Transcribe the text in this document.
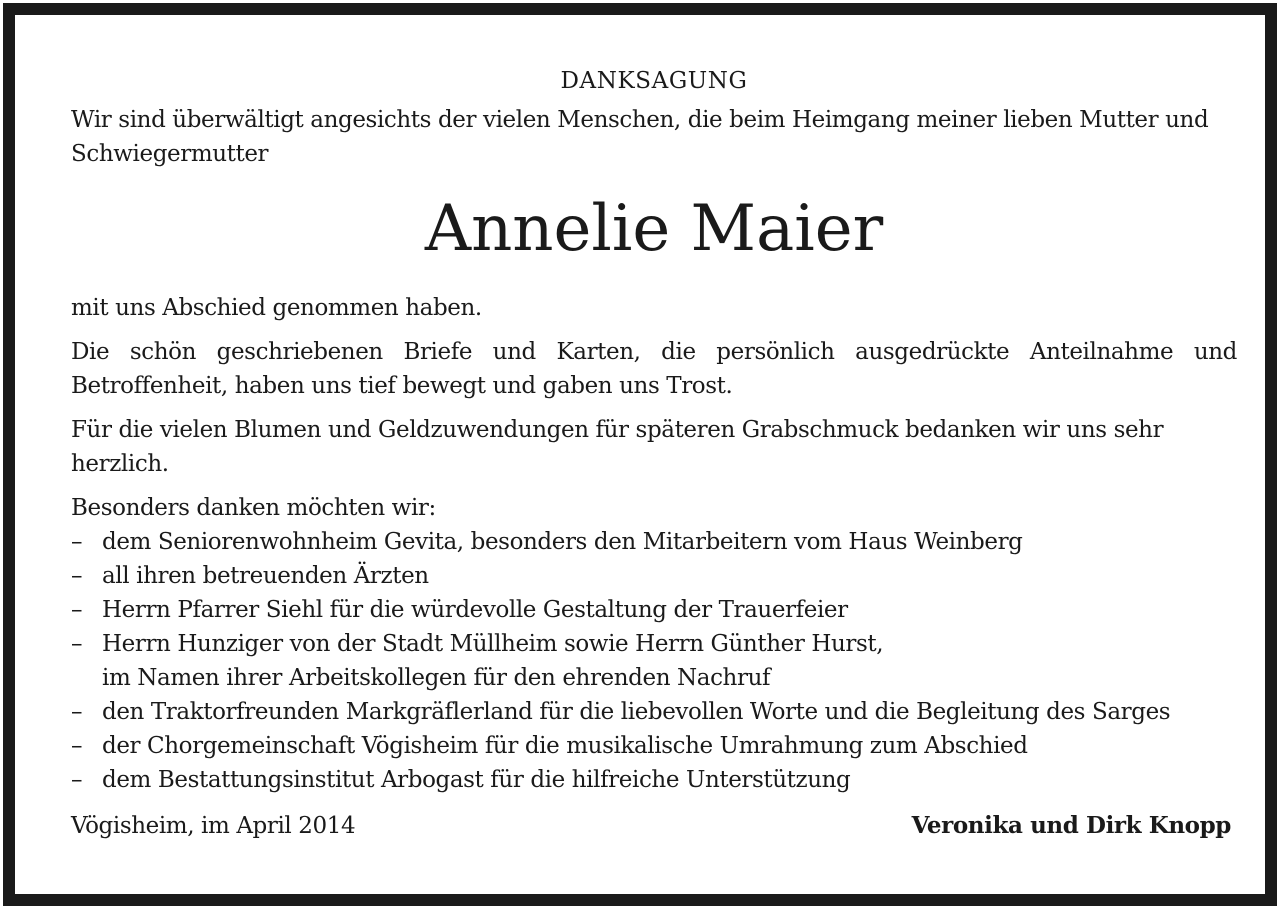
DANKSAGUNG

Wir sind überwältigt angesichts der vielen Menschen, die beim Heimgang meiner lieben Mutter und Schwiegermutter

Annelie Maier

mit uns Abschied genommen haben.

Die schön geschriebenen Briefe und Karten, die persönlich ausgedrückte Anteilnahme und Betroffenheit, haben uns tief bewegt und gaben uns Trost.

Für die vielen Blumen und Geldzuwendungen für späteren Grabschmuck bedanken wir uns sehr herzlich.

Besonders danken möchten wir:
– dem Seniorenwohnheim Gevita, besonders den Mitarbeitern vom Haus Weinberg
– all ihren betreuenden Ärzten
– Herrn Pfarrer Siehl für die würdevolle Gestaltung der Trauerfeier
– Herrn Hunziger von der Stadt Müllheim sowie Herrn Günther Hurst,
im Namen ihrer Arbeitskollegen für den ehrenden Nachruf
– den Traktorfreunden Markgräflerland für die liebevollen Worte und die Begleitung des Sarges
– der Chorgemeinschaft Vögisheim für die musikalische Umrahmung zum Abschied
– dem Bestattungsinstitut Arbogast für die hilfreiche Unterstützung
Vögisheim, im April 2014	Veronika und Dirk Knopp
